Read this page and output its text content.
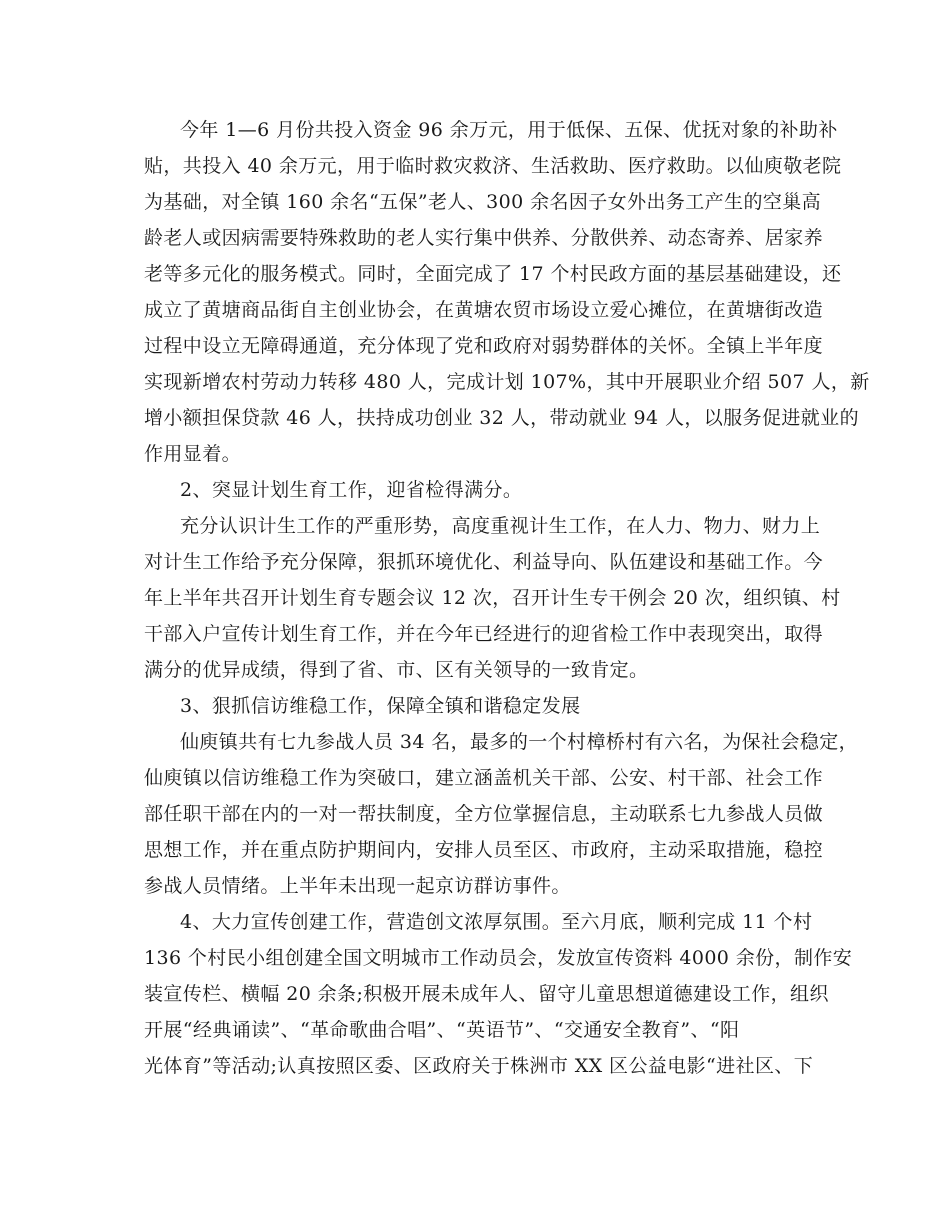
今年 1—6 月份共投入资金 96 余万元，用于低保、五保、优抚对象的补助补
贴，共投入 40 余万元，用于临时救灾救济、生活救助、医疗救助。以仙庾敬老院
为基础，对全镇 160 余名“五保”老人、300 余名因子女外出务工产生的空巢高
龄老人或因病需要特殊救助的老人实行集中供养、分散供养、动态寄养、居家养
老等多元化的服务模式。同时，全面完成了 17 个村民政方面的基层基础建设，还
成立了黄塘商品街自主创业协会，在黄塘农贸市场设立爱心摊位，在黄塘街改造
过程中设立无障碍通道，充分体现了党和政府对弱势群体的关怀。全镇上半年度
实现新增农村劳动力转移 480 人，完成计划 107%，其中开展职业介绍 507 人，新
增小额担保贷款 46 人，扶持成功创业 32 人，带动就业 94 人，以服务促进就业的
作用显着。
2、突显计划生育工作，迎省检得满分。
充分认识计生工作的严重形势，高度重视计生工作，在人力、物力、财力上
对计生工作给予充分保障，狠抓环境优化、利益导向、队伍建设和基础工作。今
年上半年共召开计划生育专题会议 12 次，召开计生专干例会 20 次，组织镇、村
干部入户宣传计划生育工作，并在今年已经进行的迎省检工作中表现突出，取得
满分的优异成绩，得到了省、市、区有关领导的一致肯定。
3、狠抓信访维稳工作，保障全镇和谐稳定发展
仙庾镇共有七九参战人员 34 名，最多的一个村樟桥村有六名，为保社会稳定，
仙庾镇以信访维稳工作为突破口，建立涵盖机关干部、公安、村干部、社会工作
部任职干部在内的一对一帮扶制度，全方位掌握信息，主动联系七九参战人员做
思想工作，并在重点防护期间内，安排人员至区、市政府，主动采取措施，稳控
参战人员情绪。上半年未出现一起京访群访事件。
4、大力宣传创建工作，营造创文浓厚氛围。至六月底，顺利完成 11 个村
136 个村民小组创建全国文明城市工作动员会，发放宣传资料 4000 余份，制作安
装宣传栏、横幅 20 余条;积极开展未成年人、留守儿童思想道德建设工作，组织
开展“经典诵读”、“革命歌曲合唱”、“英语节”、“交通安全教育”、“阳
光体育”等活动;认真按照区委、区政府关于株洲市 XX 区公益电影“进社区、下
